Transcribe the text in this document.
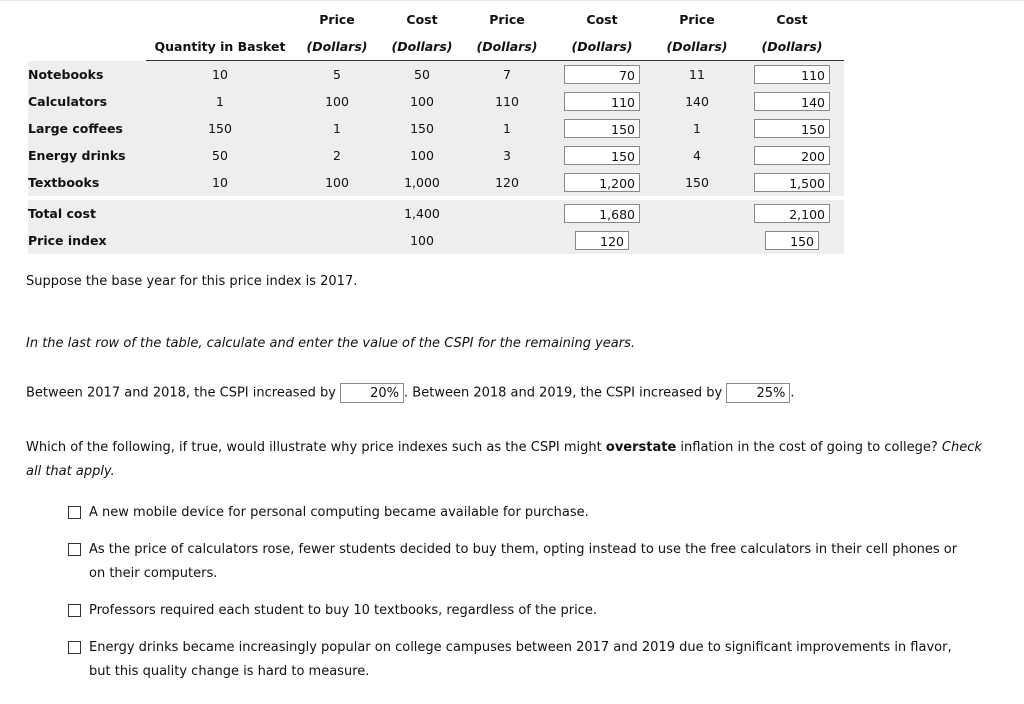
		Price	Cost	Price	Cost	Price	Cost
	Quantity in Basket	(Dollars)	(Dollars)	(Dollars)	(Dollars)	(Dollars)	(Dollars)
Notebooks	10	5	50	7	70	11	110
Calculators	1	100	100	110	110	140	140
Large coffees	150	1	150	1	150	1	150
Energy drinks	50	2	100	3	150	4	200
Textbooks	10	100	1,000	120	1,200	150	1,500

Total cost			1,400		1,680		2,100
Price index			100		120		150
Suppose the base year for this price index is 2017.
In the last row of the table, calculate and enter the value of the CSPI for the remaining years.
Between 2017 and 2018, the CSPI increased by	20% . Between 2018 and 2019, the CSPI increased by	25% .
Which of the following, if true, would illustrate why price indexes such as the CSPI might overstate inflation in the cost of going to college? Check all that apply.
A new mobile device for personal computing became available for purchase.
As the price of calculators rose, fewer students decided to buy them, opting instead to use the free calculators in their cell phones or on their computers.
Professors required each student to buy 10 textbooks, regardless of the price.
Energy drinks became increasingly popular on college campuses between 2017 and 2019 due to significant improvements in flavor, but this quality change is hard to measure.
